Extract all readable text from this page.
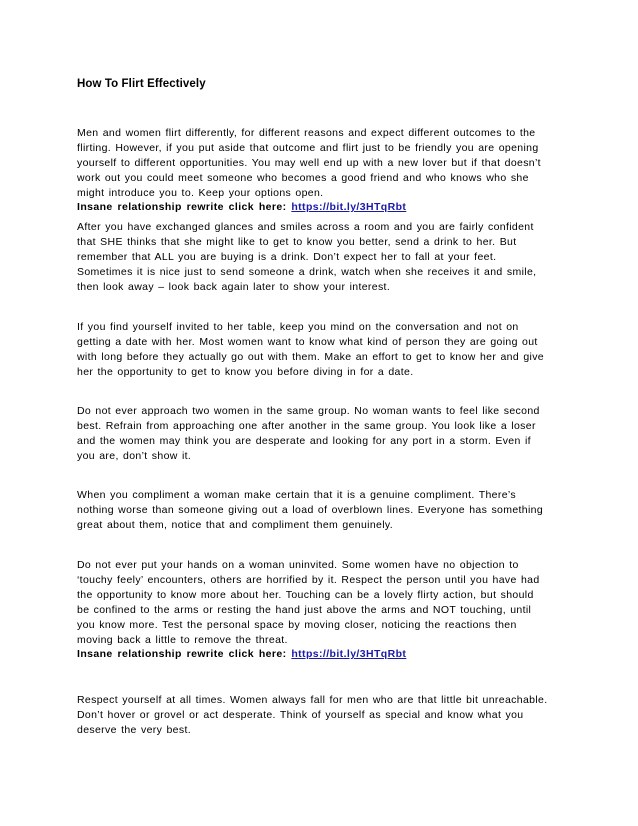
How To Flirt Effectively
Men and women flirt differently, for different reasons and expect different outcomes to the
flirting. However, if you put aside that outcome and flirt just to be friendly you are opening
yourself to different opportunities. You may well end up with a new lover but if that doesn’t
work out you could meet someone who becomes a good friend and who knows who she
might introduce you to. Keep your options open.
Insane relationship rewrite click here: https://bit.ly/3HTqRbt
After you have exchanged glances and smiles across a room and you are fairly confident
that SHE thinks that she might like to get to know you better, send a drink to her. But
remember that ALL you are buying is a drink. Don’t expect her to fall at your feet.
Sometimes it is nice just to send someone a drink, watch when she receives it and smile,
then look away – look back again later to show your interest.
If you find yourself invited to her table, keep you mind on the conversation and not on
getting a date with her. Most women want to know what kind of person they are going out
with long before they actually go out with them. Make an effort to get to know her and give
her the opportunity to get to know you before diving in for a date.
Do not ever approach two women in the same group. No woman wants to feel like second
best. Refrain from approaching one after another in the same group. You look like a loser
and the women may think you are desperate and looking for any port in a storm. Even if
you are, don’t show it.
When you compliment a woman make certain that it is a genuine compliment. There’s
nothing worse than someone giving out a load of overblown lines. Everyone has something
great about them, notice that and compliment them genuinely.
Do not ever put your hands on a woman uninvited. Some women have no objection to
‘touchy feely’ encounters, others are horrified by it. Respect the person until you have had
the opportunity to know more about her. Touching can be a lovely flirty action, but should
be confined to the arms or resting the hand just above the arms and NOT touching, until
you know more. Test the personal space by moving closer, noticing the reactions then
moving back a little to remove the threat.
Insane relationship rewrite click here: https://bit.ly/3HTqRbt
Respect yourself at all times. Women always fall for men who are that little bit unreachable.
Don’t hover or grovel or act desperate. Think of yourself as special and know what you
deserve the very best.
